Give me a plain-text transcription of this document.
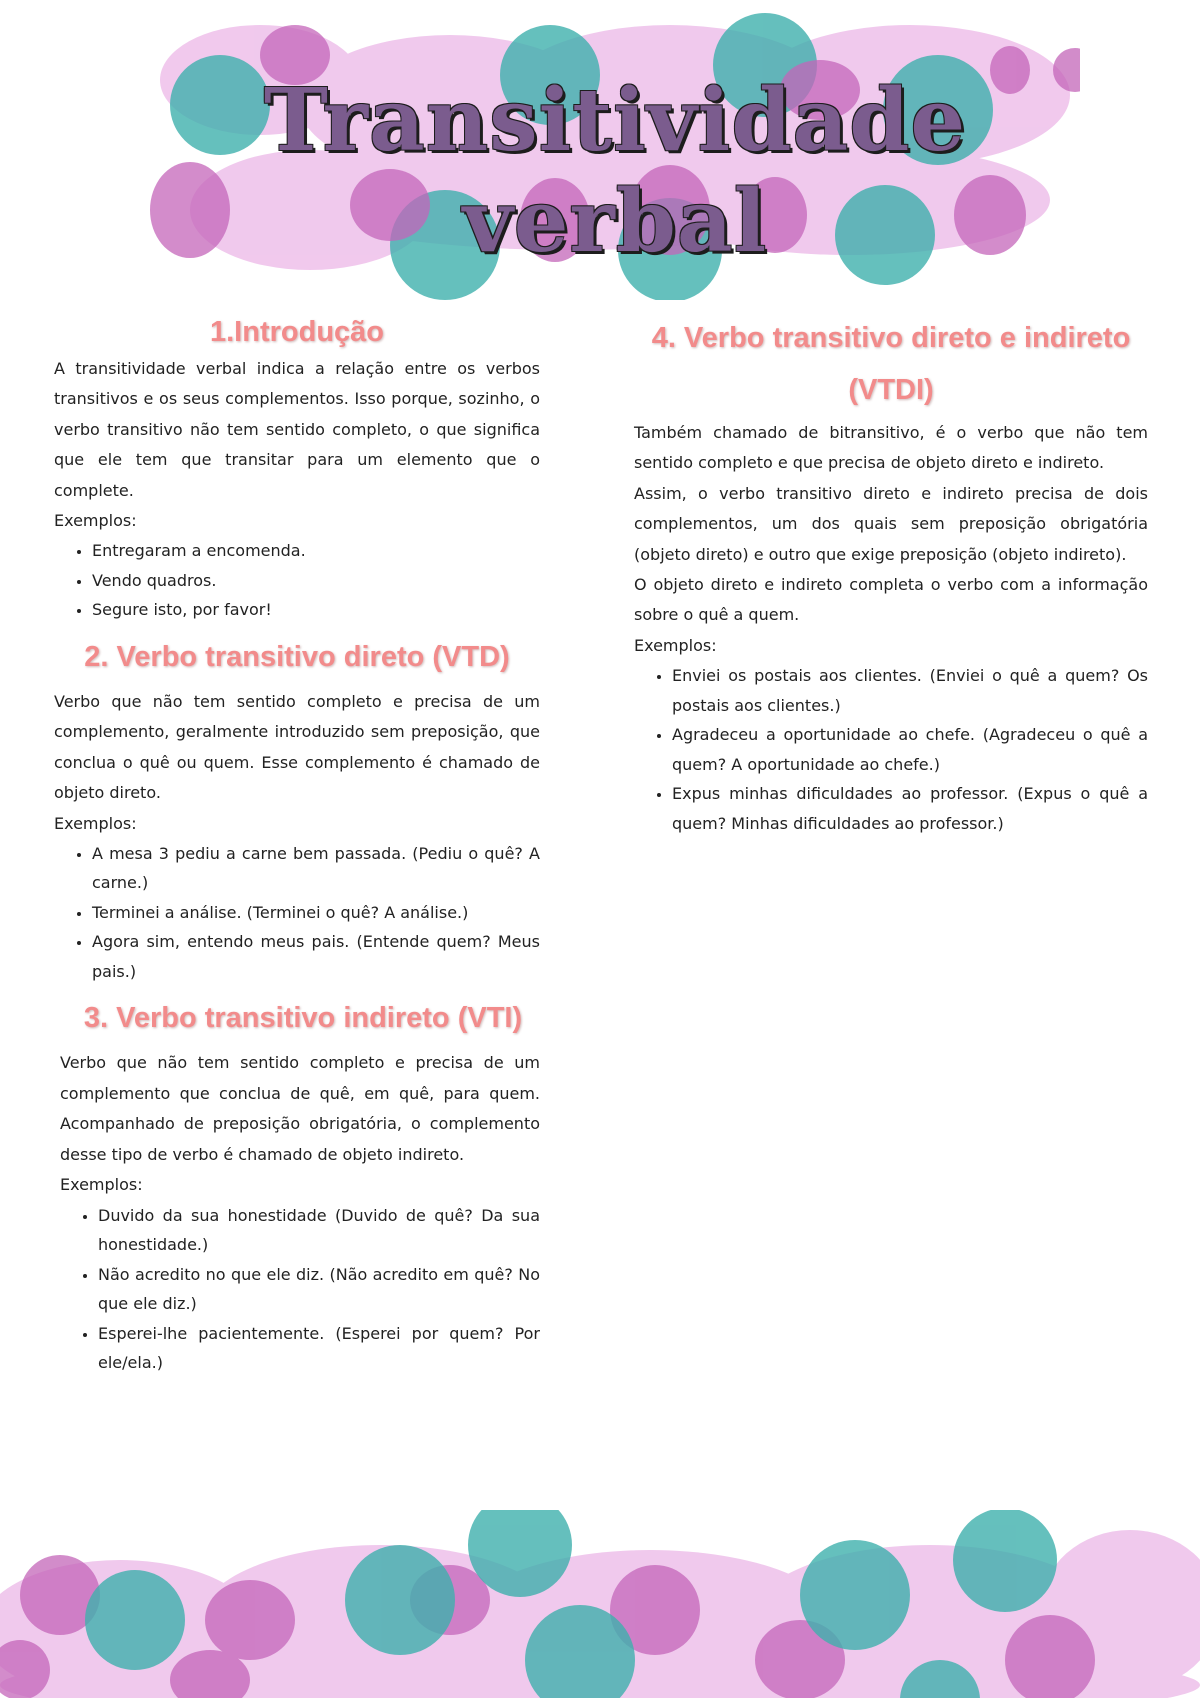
Transitividade verbal
1.Introdução

A transitividade verbal indica a relação entre os verbos transitivos e os seus complementos. Isso porque, sozinho, o verbo transitivo não tem sentido completo, o que significa que ele tem que transitar para um elemento que o complete.

Exemplos:
• Entregaram a encomenda.
• Vendo quadros.
• Segure isto, por favor!
2. Verbo transitivo direto (VTD)

Verbo que não tem sentido completo e precisa de um complemento, geralmente introduzido sem preposição, que conclua o quê ou quem. Esse complemento é chamado de objeto direto.

Exemplos:
• A mesa 3 pediu a carne bem passada. (Pediu o quê? A carne.)
• Terminei a análise. (Terminei o quê? A análise.)
• Agora sim, entendo meus pais. (Entende quem? Meus pais.)
3. Verbo transitivo indireto (VTI)

Verbo que não tem sentido completo e precisa de um complemento que conclua de quê, em quê, para quem. Acompanhado de preposição obrigatória, o complemento desse tipo de verbo é chamado de objeto indireto.

Exemplos:
• Duvido da sua honestidade (Duvido de quê? Da sua honestidade.)
• Não acredito no que ele diz. (Não acredito em quê? No que ele diz.)
• Esperei-lhe pacientemente. (Esperei por quem? Por ele/ela.)
4. Verbo transitivo direto e indireto (VTDI)

Também chamado de bitransitivo, é o verbo que não tem sentido completo e que precisa de objeto direto e indireto.

Assim, o verbo transitivo direto e indireto precisa de dois complementos, um dos quais sem preposição obrigatória (objeto direto) e outro que exige preposição (objeto indireto).

O objeto direto e indireto completa o verbo com a informação sobre o quê a quem.

Exemplos:
• Enviei os postais aos clientes. (Enviei o quê a quem? Os postais aos clientes.)
• Agradeceu a oportunidade ao chefe. (Agradeceu o quê a quem? A oportunidade ao chefe.)
• Expus minhas dificuldades ao professor. (Expus o quê a quem? Minhas dificuldades ao professor.)
